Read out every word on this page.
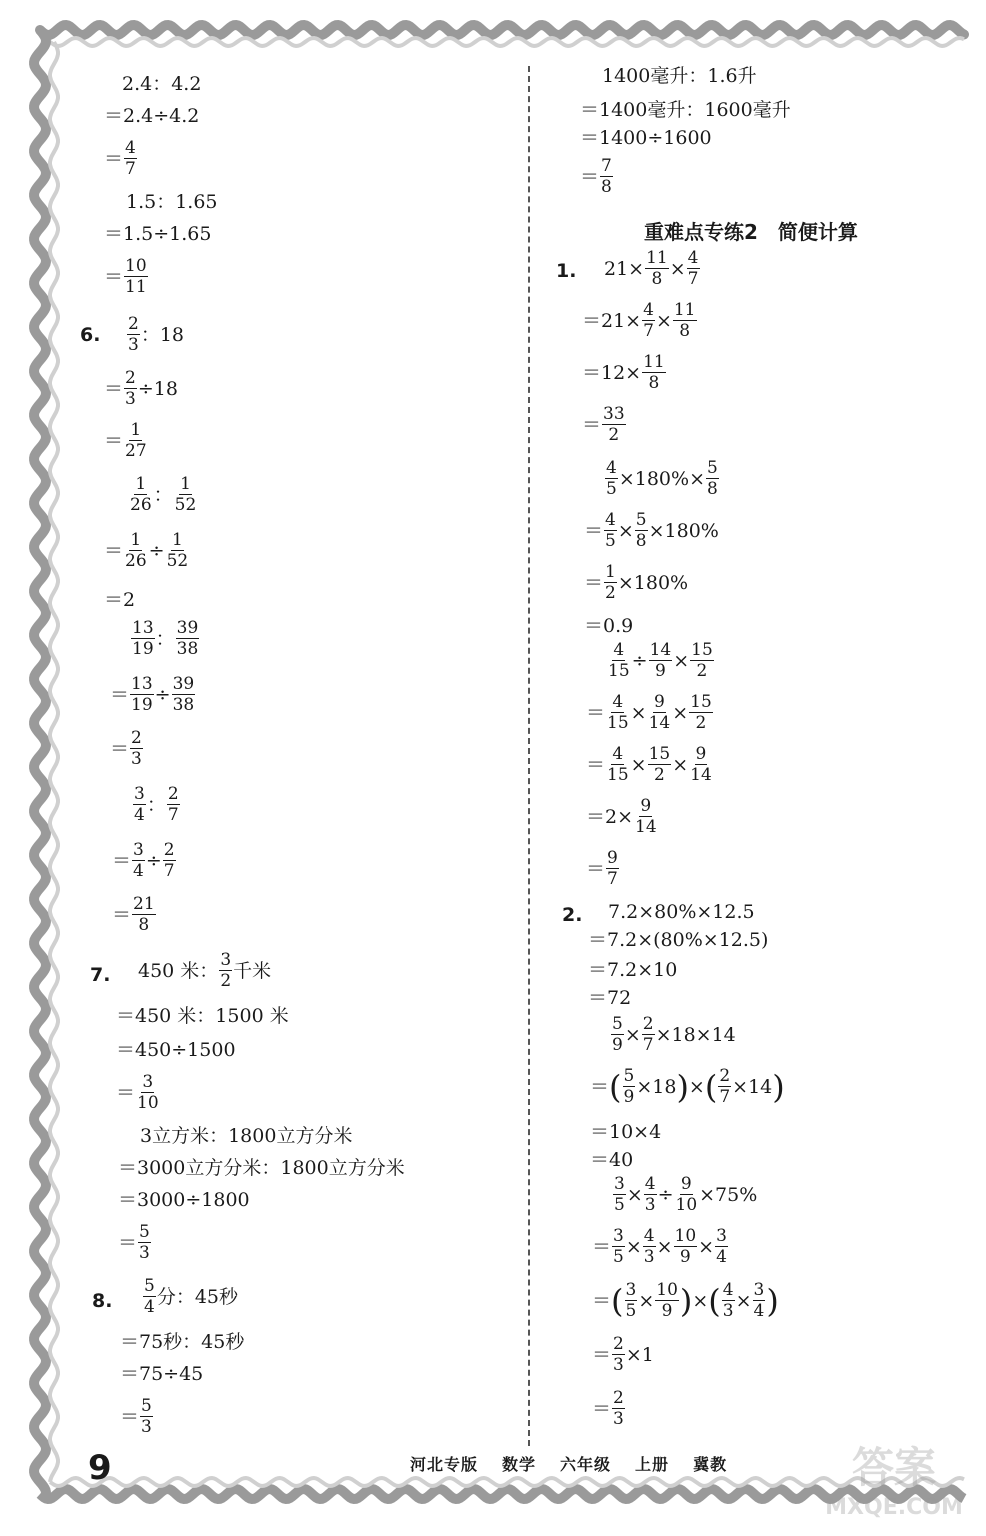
2.4：4.2
＝2.4÷4.2
＝ $\frac{4}{7}$
1.5：1.65
＝1.5÷1.65
＝ $\frac{10}{11}$
6. $\frac{2}{3}$ ：18
＝ $\frac{2}{3} \div 18$
＝ $\frac{1}{27}$
$\frac{1}{26}$ ： $\frac{1}{52}$
＝ $\frac{1}{26} \div \frac{1}{52}$
＝2
$\frac{13}{19}$ ： $\frac{39}{38}$
＝ $\frac{13}{19} \div \frac{39}{38}$
＝ $\frac{2}{3}$
$\frac{3}{4}$ ： $\frac{2}{7}$
＝ $\frac{3}{4} \div \frac{2}{7}$
＝ $\frac{21}{8}$
7. 450 米： $\frac{3}{2}$ 千米
＝450 米：1500 米
＝450÷1500
＝ $\frac{3}{10}$
3立方米：1800立方分米
＝3000立方分米：1800立方分米
＝3000÷1800
＝ $\frac{5}{3}$
8. $\frac{5}{4}$ 分：45秒
＝75秒：45秒
＝75÷45
＝ $\frac{5}{3}$
1400毫升：1.6升
＝1400毫升：1600毫升
＝1400÷1600
＝ $\frac{7}{8}$
重难点专练2　简便计算
1. $21\times \frac{11}{8} \times \frac{4}{7}$
$=21\times \frac{4}{7} \times \frac{11}{8}$
$=12\times \frac{11}{8}$
＝ $\frac{33}{2}$
$\frac{4}{5} \times 180\%\times \frac{5}{8}$
＝ $\frac{4}{5} \times \frac{5}{8} \times 180\%$
＝ $\frac{1}{2} \times 180\%$
＝0.9
$\frac{4}{15} \div \frac{14}{9} \times \frac{15}{2}$
＝ $\frac{4}{15} \times \frac{9}{14} \times \frac{15}{2}$
＝ $\frac{4}{15} \times \frac{15}{2} \times \frac{9}{14}$
$=2\times \frac{9}{14}$
＝ $\frac{9}{7}$
2. 7.2×80%×12.5
＝7.2×(80%×12.5)
＝7.2×10
＝72
$\frac{5}{9} \times \frac{2}{7} \times 18\times 14$
＝ ( $\frac{5}{9} \times 18$ ) × ( $\frac{2}{7} \times 14$ )
＝10×4
＝40
$\frac{3}{5} \times \frac{4}{3} \div \frac{9}{10} \times 75\%$
＝ $\frac{3}{5} \times \frac{4}{3} \times \frac{10}{9} \times \frac{3}{4}$
＝ ( $\frac{3}{5} \times \frac{10}{9}$ ) × ( $\frac{4}{3} \times \frac{3}{4}$ )
＝ $\frac{2}{3} \times 1$
＝ $\frac{2}{3}$
9	河北专版 数学 六年级 上册 冀教	答案
MXQE.COM
